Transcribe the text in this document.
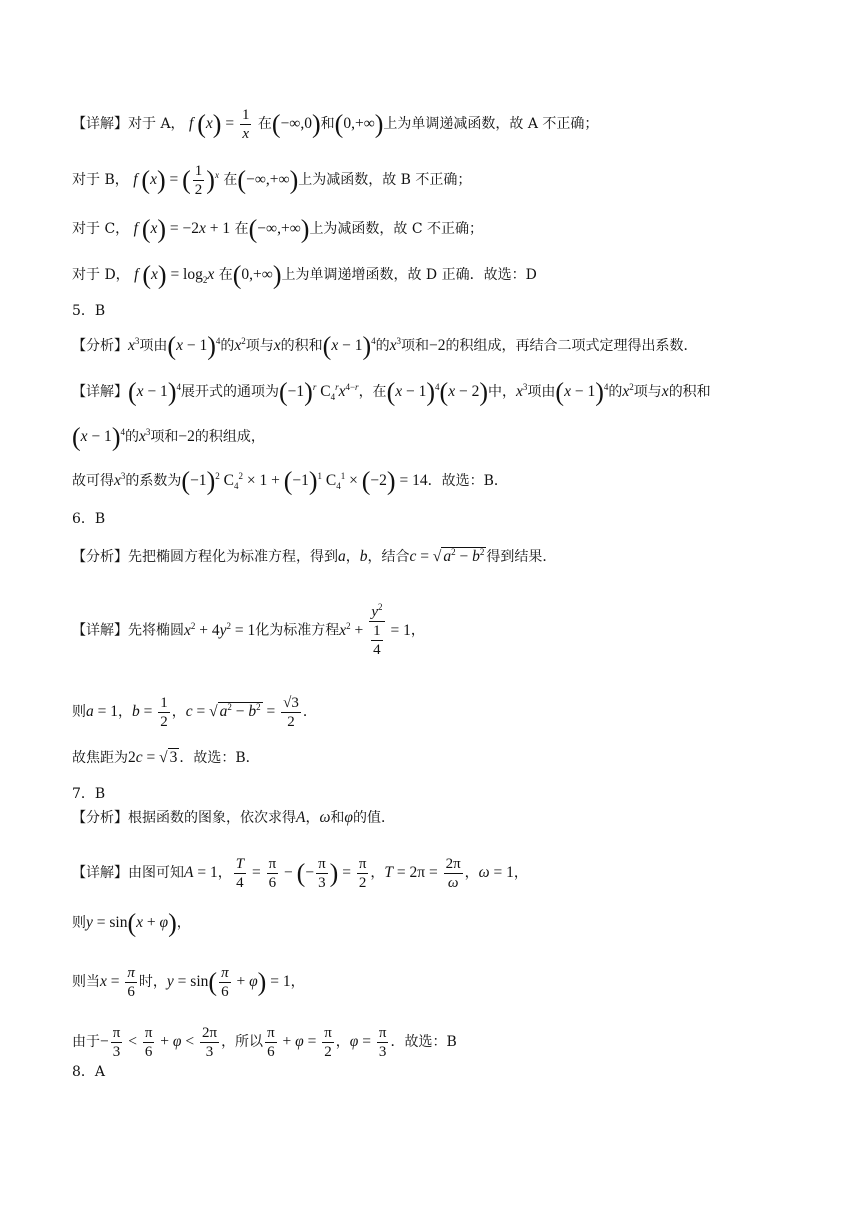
【详解】对于 A， f $(x) = \frac{1}{x}$ 在(−∞,0)和(0,+∞)上为单调递减函数，故 A 不正确；
对于 B， f (x) = ( $\frac{1}{2} )^x$ 在(−∞,+∞)上为减函数，故 B 不正确；
对于 C， f (x) = −2x + 1 在(−∞,+∞)上为减函数，故 C 不正确；
对于 D， f $(x) = \log_2x$ 在(0,+∞)上为单调递增函数，故 D 正确．故选：D
5．B
【分析】$x^3$项由$(x - 1)^4$的$x^2$项与x的积和$(x - 1)^4$的$x^3$项和−2的积组成，再结合二项式定理得出系数．
【详解】$(x - 1)^4$展开式的通项为$(-1)^r$ $C_4^rx^{4-r}$，在$(x - 1)^4(x - 2)$中，$x^3$项由$(x - 1)^4$的$x^2$项与x的积和
$(x - 1)^4$的$x^3$项和−2的积组成，
故可得$x^3$的系数为$(-1)^2$ $C_4^2 \times 1 + (-1)^1$ $C_4^1 \times (-2) = 14$．故选：B．
6．B
【分析】先把椭圆方程化为标准方程，得到a，b，结合c = √ $a^2 - b^2$ 得到结果．
【详解】先将椭圆$x^2 + 4y^2 = 1$化为标准方程$x^2 + \frac{y^2}{\frac{1}{4}} = 1$，
则a = 1，$b = \frac{1}{2}$ ，c = √ $a^2 - b^2 = \frac{√3}{2}$ ．
故焦距为2c = √ 3 ．故选：B．
7．B
【分析】根据函数的图象，依次求得A，ω和φ的值．
【详解】由图可知A = 1， $\frac{T}{4} = \frac{\pi}{6}$ − (− $\frac{\pi}{3}$ ) = $\frac{\pi}{2}$ ，$T = 2\pi = \frac{2\pi}{\omega}$ ，ω = 1，
则y = sin(x + φ)，
则当$x = \frac{\pi}{6}$ 时，$y = \sin( \frac{\pi}{6} + \varphi) = 1$，
由于− $\frac{\pi}{3} < \frac{\pi}{6} + \varphi < \frac{2\pi}{3}$ ，所以 $\frac{\pi}{6} + \varphi = \frac{\pi}{2}$ ，$\varphi = \frac{\pi}{3}$ ．故选：B
8．A
